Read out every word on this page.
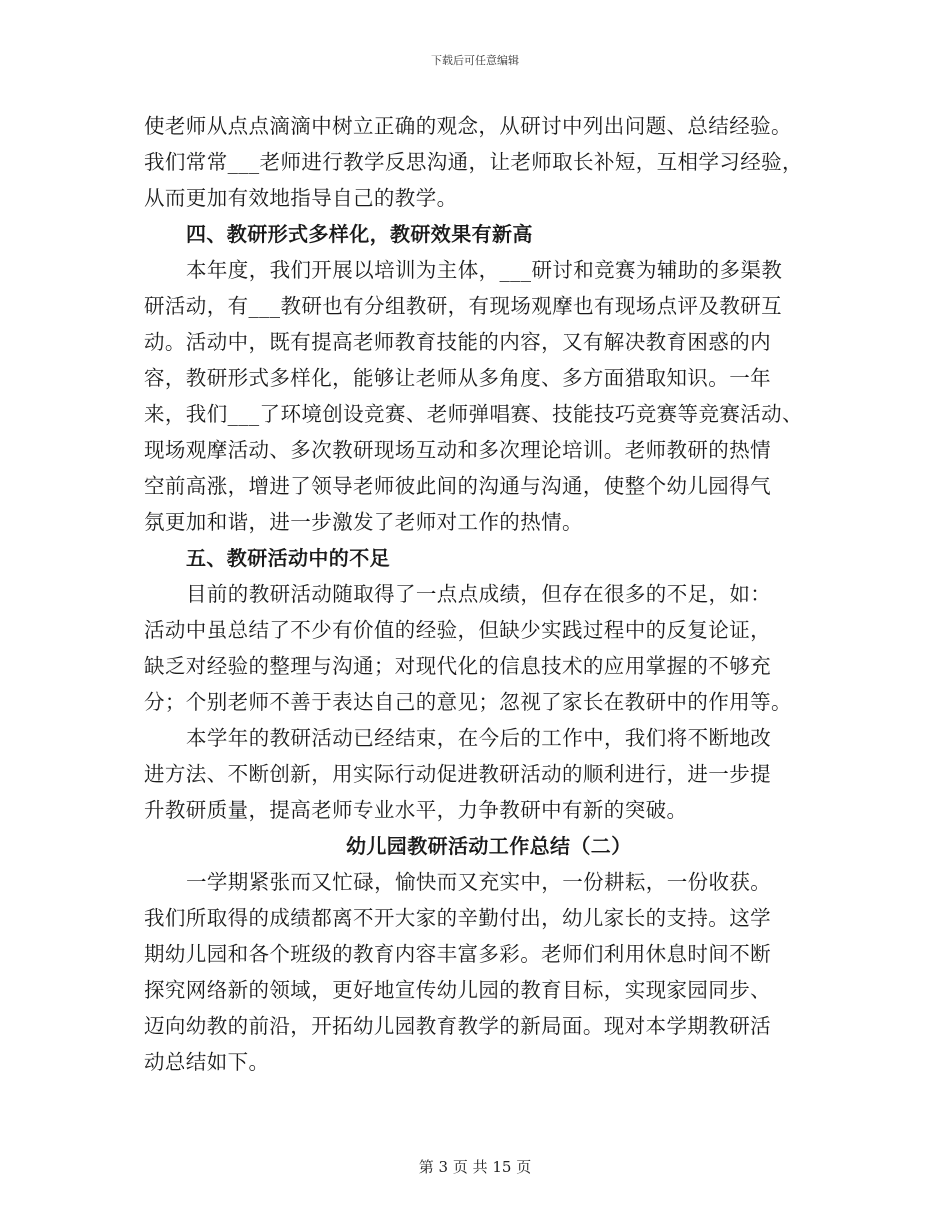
下载后可任意编辑
使老师从点点滴滴中树立正确的观念，从研讨中列出问题、总结经验。
我们常常___老师进行教学反思沟通，让老师取长补短，互相学习经验，
从而更加有效地指导自己的教学。
四、教研形式多样化，教研效果有新高
本年度，我们开展以培训为主体，___研讨和竞赛为辅助的多渠教
研活动，有___教研也有分组教研，有现场观摩也有现场点评及教研互
动。活动中，既有提高老师教育技能的内容，又有解决教育困惑的内
容，教研形式多样化，能够让老师从多角度、多方面猎取知识。一年
来，我们___了环境创设竞赛、老师弹唱赛、技能技巧竞赛等竞赛活动、
现场观摩活动、多次教研现场互动和多次理论培训。老师教研的热情
空前高涨，增进了领导老师彼此间的沟通与沟通，使整个幼儿园得气
氛更加和谐，进一步激发了老师对工作的热情。
五、教研活动中的不足
目前的教研活动随取得了一点点成绩，但存在很多的不足，如：
活动中虽总结了不少有价值的经验，但缺少实践过程中的反复论证，
缺乏对经验的整理与沟通；对现代化的信息技术的应用掌握的不够充
分；个别老师不善于表达自己的意见；忽视了家长在教研中的作用等。
本学年的教研活动已经结束，在今后的工作中，我们将不断地改
进方法、不断创新，用实际行动促进教研活动的顺利进行，进一步提
升教研质量，提高老师专业水平，力争教研中有新的突破。
幼儿园教研活动工作总结（二）
一学期紧张而又忙碌，愉快而又充实中，一份耕耘，一份收获。
我们所取得的成绩都离不开大家的辛勤付出，幼儿家长的支持。这学
期幼儿园和各个班级的教育内容丰富多彩。老师们利用休息时间不断
探究网络新的领域，更好地宣传幼儿园的教育目标，实现家园同步、
迈向幼教的前沿，开拓幼儿园教育教学的新局面。现对本学期教研活
动总结如下。
第 3 页 共 15 页
